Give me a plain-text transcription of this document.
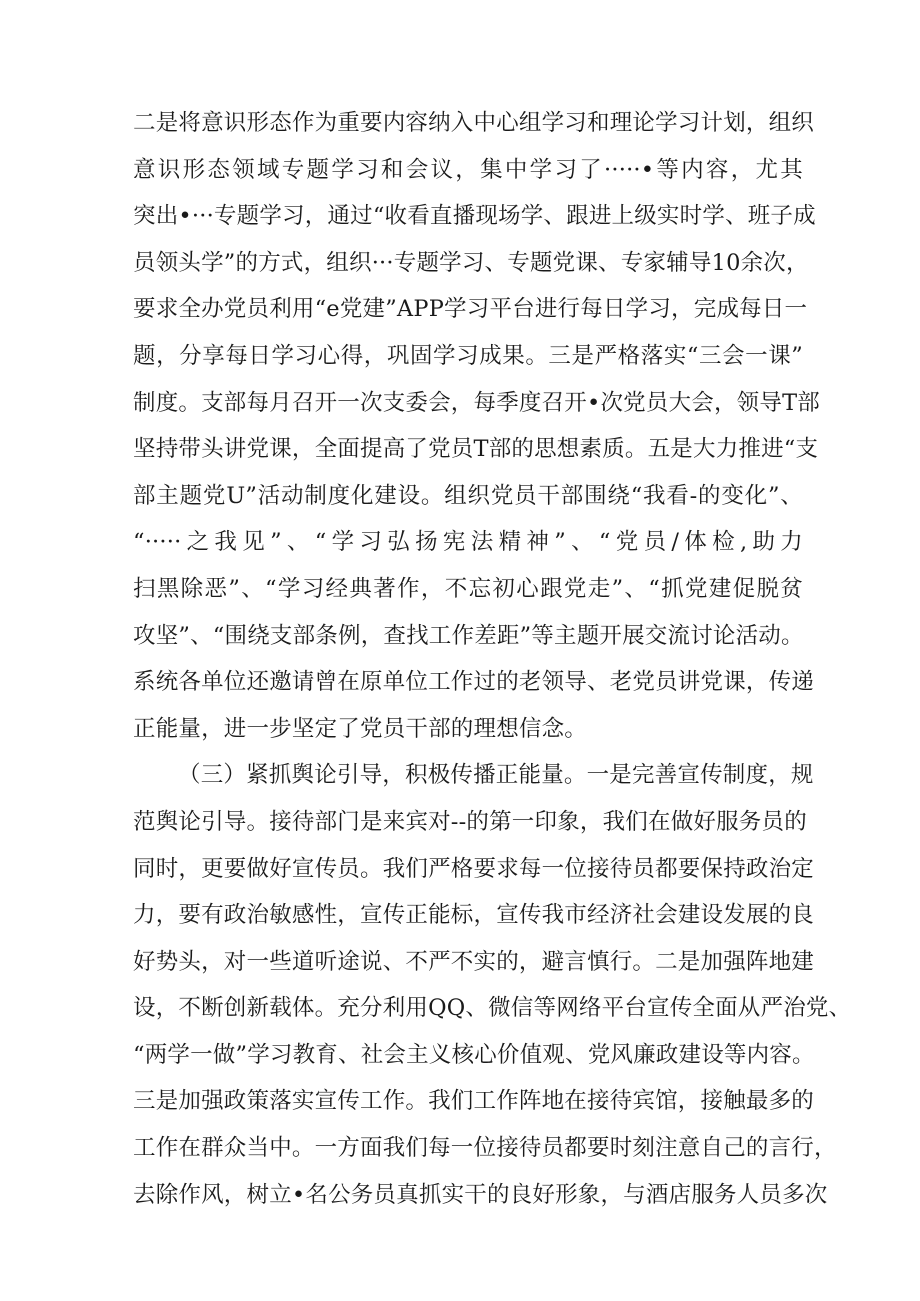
二是将意识形态作为重要内容纳入中心组学习和理论学习计划，组织
意识形态领域专题学习和会议，集中学习了·····•等内容，尤其
突出•···专题学习，通过“收看直播现场学、跟进上级实时学、班子成
员领头学”的方式，组织···专题学习、专题党课、专家辅导10余次，
要求全办党员利用“e党建”APP学习平台进行每日学习，完成每日一
题，分享每日学习心得，巩固学习成果。三是严格落实“三会一课”
制度。支部每月召开一次支委会，每季度召开•次党员大会，领导T部
坚持带头讲党课，全面提高了党员T部的思想素质。五是大力推进“支
部主题党U”活动制度化建设。组织党员干部围绕“我看-的变化”、
“·····之我见”、“学习弘扬宪法精神”、“党员/体检,助力
扫黑除恶”、“学习经典著作，不忘初心跟党走”、“抓党建促脱贫
攻坚”、“围绕支部条例，查找工作差距”等主题开展交流讨论活动。
系统各单位还邀请曾在原单位工作过的老领导、老党员讲党课，传递
正能量，进一步坚定了党员干部的理想信念。
（三）紧抓舆论引导，积极传播正能量。一是完善宣传制度，规
范舆论引导。接待部门是来宾对--的第一印象，我们在做好服务员的
同时，更要做好宣传员。我们严格要求每一位接待员都要保持政治定
力，要有政治敏感性，宣传正能标，宣传我市经济社会建设发展的良
好势头，对一些道听途说、不严不实的，避言慎行。二是加强阵地建
设，不断创新载体。充分利用QQ、微信等网络平台宣传全面从严治党、
“两学一做”学习教育、社会主义核心价值观、党风廉政建设等内容。
三是加强政策落实宣传工作。我们工作阵地在接待宾馆，接触最多的
工作在群众当中。一方面我们每一位接待员都要时刻注意自己的言行，
去除作风，树立•名公务员真抓实干的良好形象，与酒店服务人员多次
